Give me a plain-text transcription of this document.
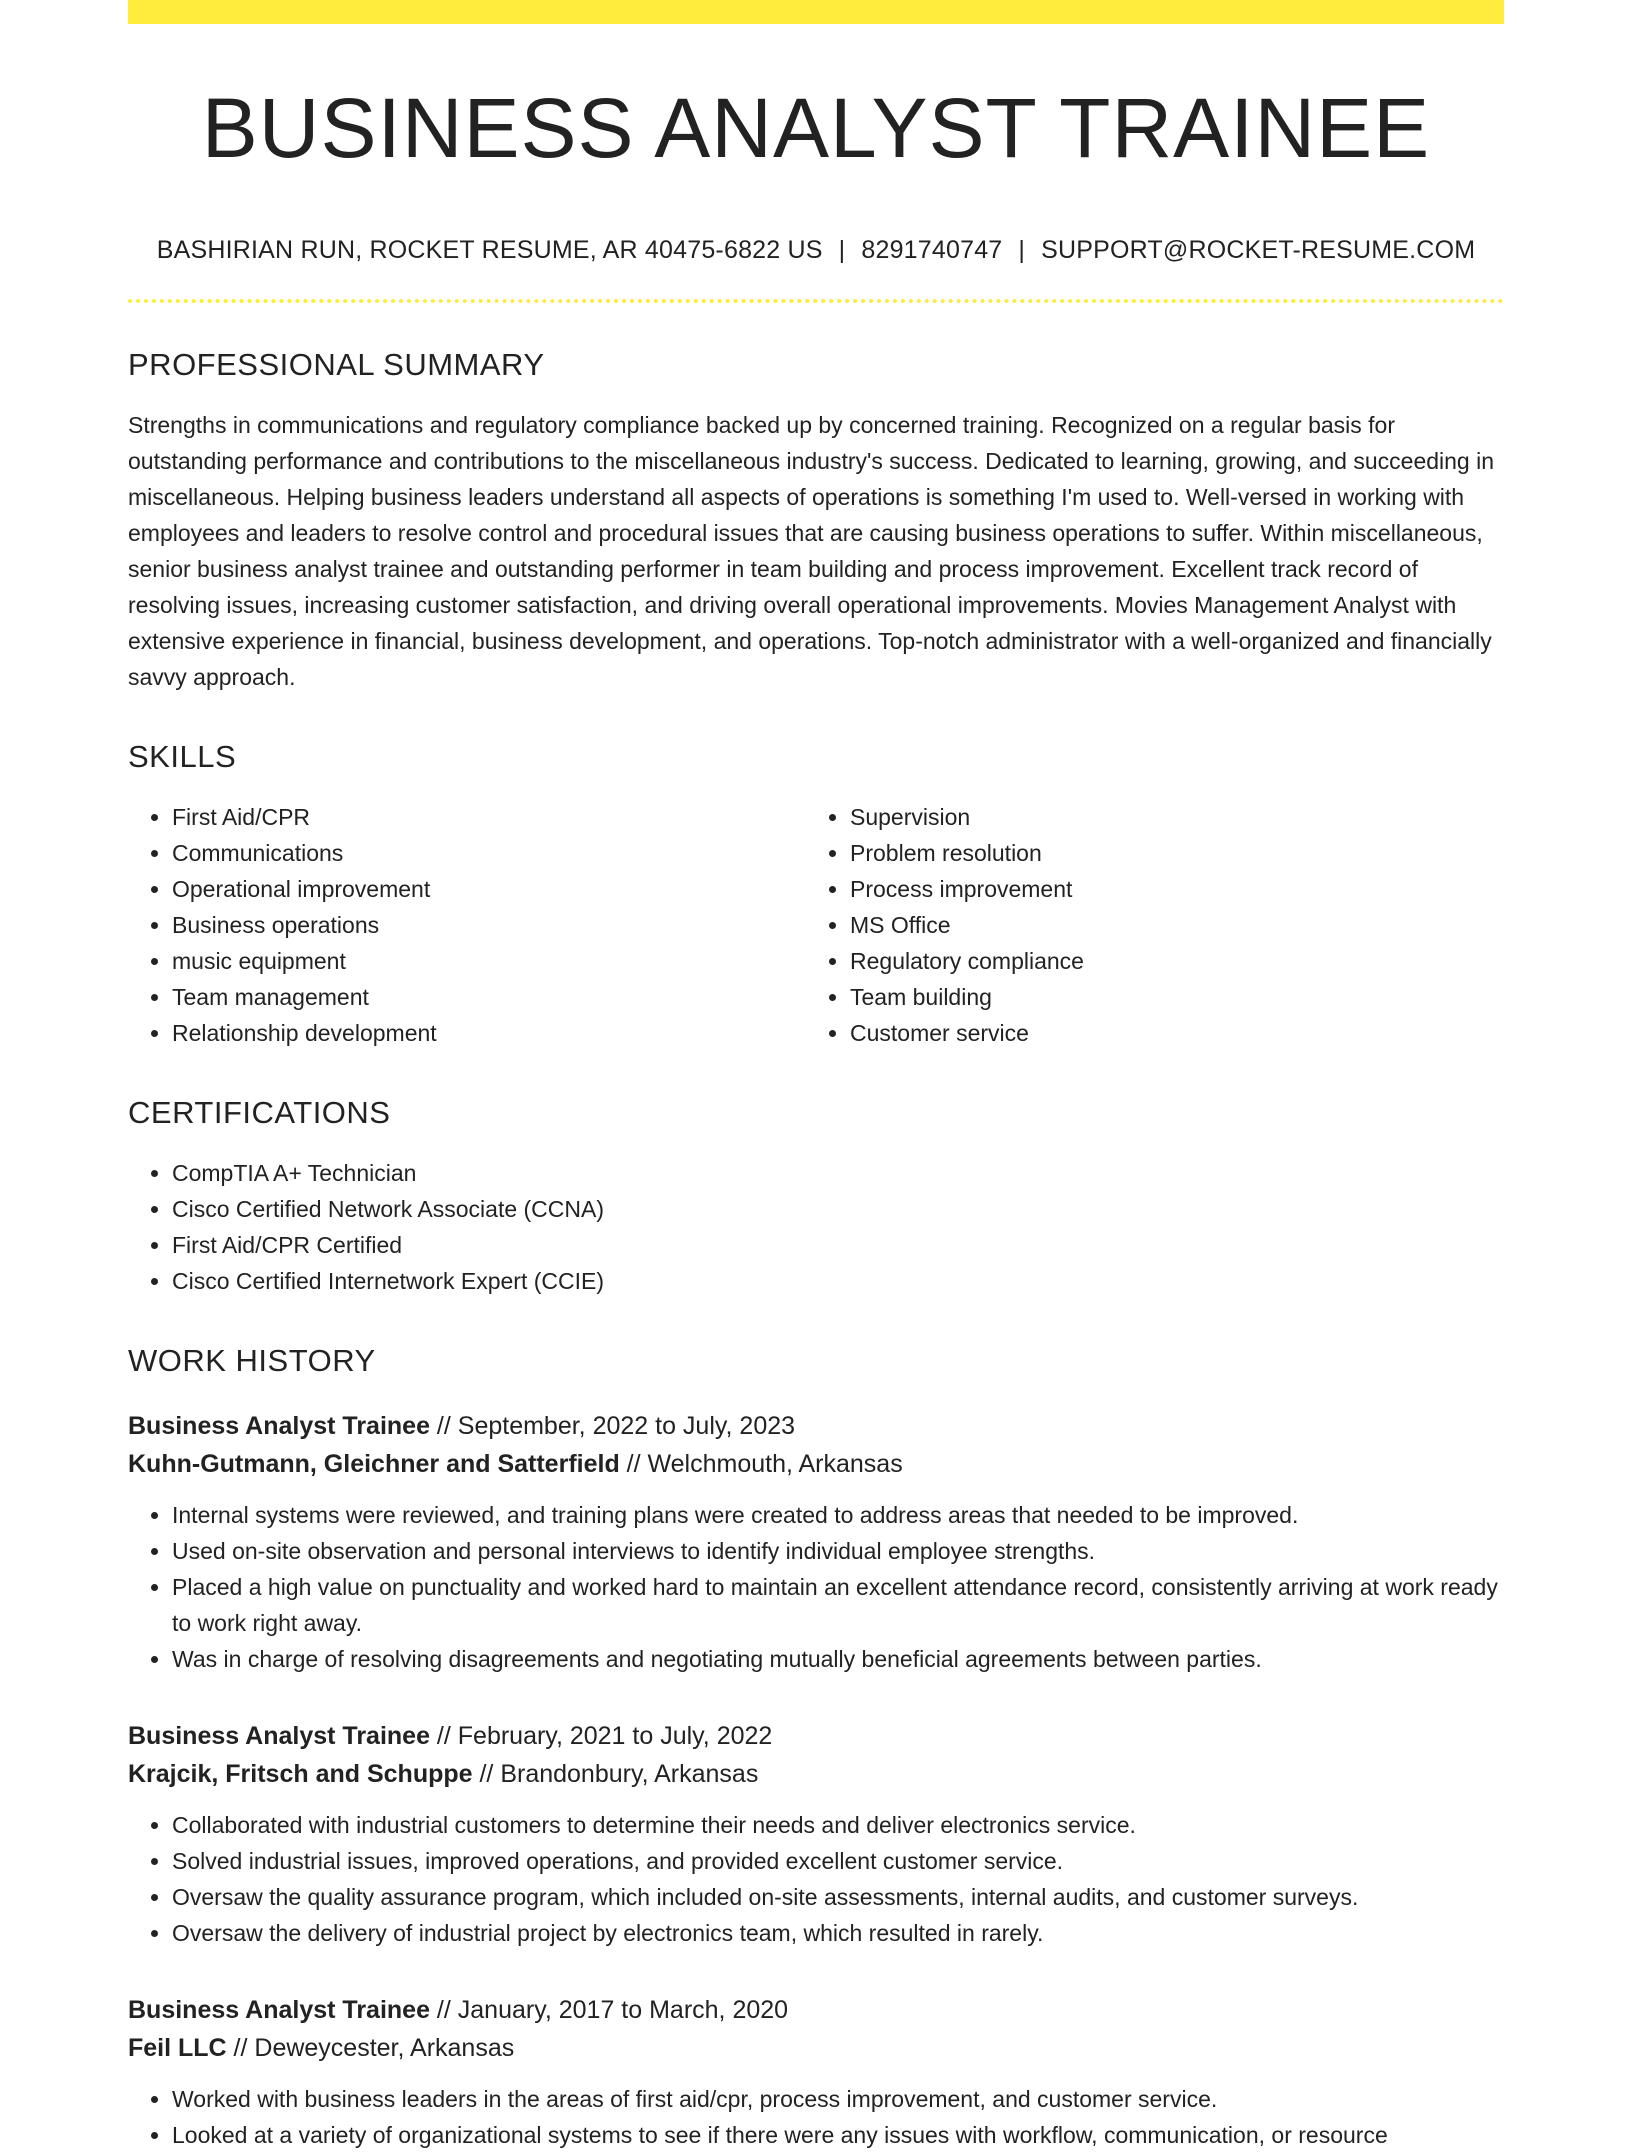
BUSINESS ANALYST TRAINEE
BASHIRIAN RUN, ROCKET RESUME, AR 40475-6822 US | 8291740747 | SUPPORT@ROCKET-RESUME.COM
PROFESSIONAL SUMMARY

Strengths in communications and regulatory compliance backed up by concerned training. Recognized on a regular basis for outstanding performance and contributions to the miscellaneous industry's success. Dedicated to learning, growing, and succeeding in miscellaneous. Helping business leaders understand all aspects of operations is something I'm used to. Well-versed in working with employees and leaders to resolve control and procedural issues that are causing business operations to suffer. Within miscellaneous, senior business analyst trainee and outstanding performer in team building and process improvement. Excellent track record of resolving issues, increasing customer satisfaction, and driving overall operational improvements. Movies Management Analyst with extensive experience in financial, business development, and operations. Top-notch administrator with a well-organized and financially savvy approach.

SKILLS
• First Aid/CPR
• Communications
• Operational improvement
• Business operations
• music equipment
• Team management
• Relationship development
• Supervision
• Problem resolution
• Process improvement
• MS Office
• Regulatory compliance
• Team building
• Customer service
CERTIFICATIONS
• CompTIA A+ Technician
• Cisco Certified Network Associate (CCNA)
• First Aid/CPR Certified
• Cisco Certified Internetwork Expert (CCIE)
WORK HISTORY
Business Analyst Trainee // September, 2022 to July, 2023
Kuhn-Gutmann, Gleichner and Satterfield // Welchmouth, Arkansas
• Internal systems were reviewed, and training plans were created to address areas that needed to be improved.
• Used on-site observation and personal interviews to identify individual employee strengths.
• Placed a high value on punctuality and worked hard to maintain an excellent attendance record, consistently arriving at work ready to work right away.
• Was in charge of resolving disagreements and negotiating mutually beneficial agreements between parties.
Business Analyst Trainee // February, 2021 to July, 2022
Krajcik, Fritsch and Schuppe // Brandonbury, Arkansas
• Collaborated with industrial customers to determine their needs and deliver electronics service.
• Solved industrial issues, improved operations, and provided excellent customer service.
• Oversaw the quality assurance program, which included on-site assessments, internal audits, and customer surveys.
• Oversaw the delivery of industrial project by electronics team, which resulted in rarely.
Business Analyst Trainee // January, 2017 to March, 2020
Feil LLC // Deweycester, Arkansas
• Worked with business leaders in the areas of first aid/cpr, process improvement, and customer service.
• Looked at a variety of organizational systems to see if there were any issues with workflow, communication, or resource
